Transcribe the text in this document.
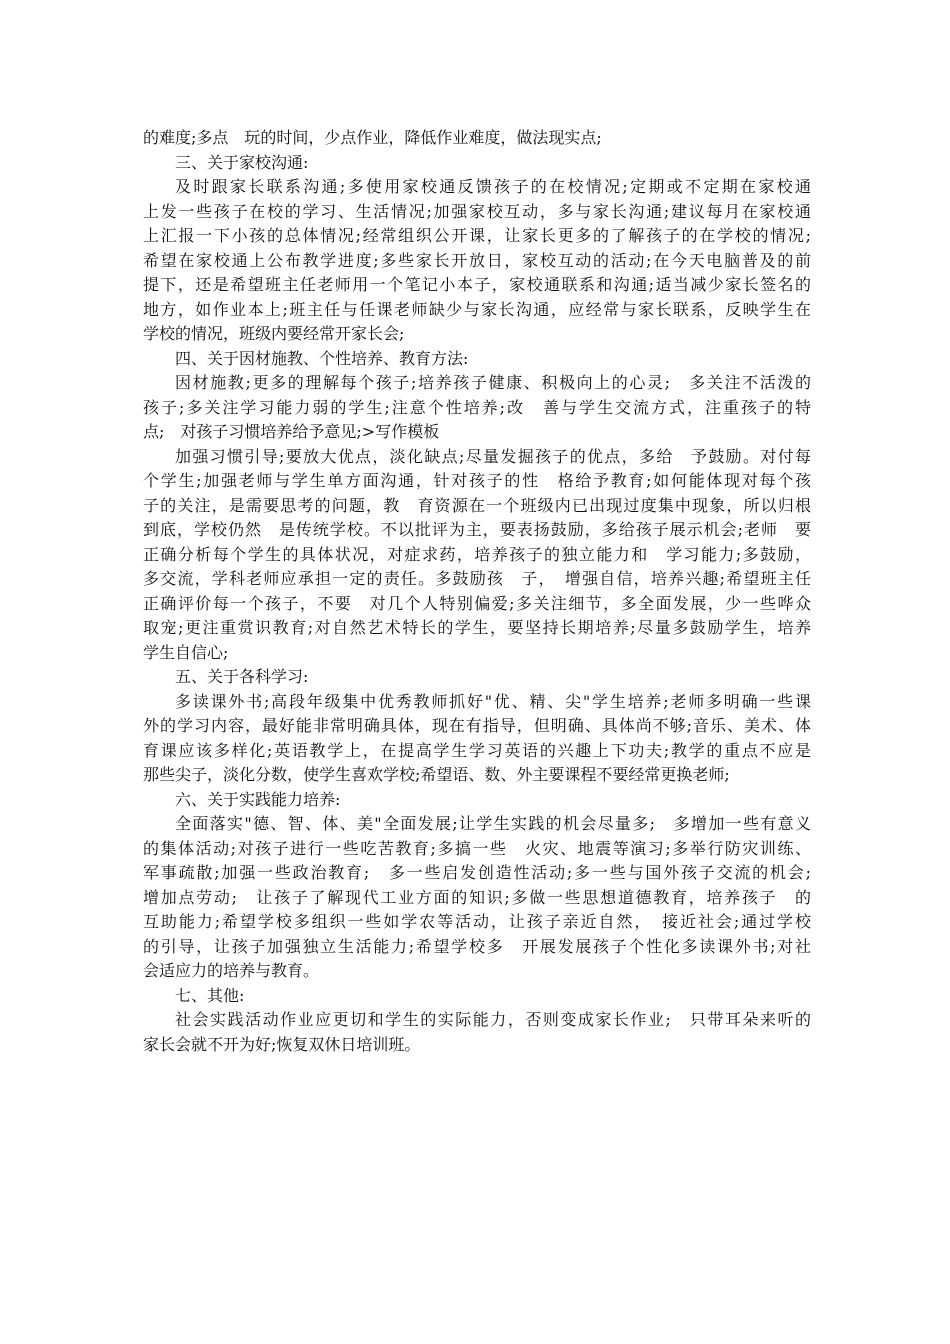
的难度;多点　玩的时间，少点作业，降低作业难度，做法现实点;
三、关于家校沟通:
及时跟家长联系沟通;多使用家校通反馈孩子的在校情况;定期或不定期在家校通
上发一些孩子在校的学习、生活情况;加强家校互动，多与家长沟通;建议每月在家校通
上汇报一下小孩的总体情况;经常组织公开课，让家长更多的了解孩子的在学校的情况;
希望在家校通上公布教学进度;多些家长开放日，家校互动的活动;在今天电脑普及的前
提下，还是希望班主任老师用一个笔记小本子，家校通联系和沟通;适当减少家长签名的
地方，如作业本上;班主任与任课老师缺少与家长沟通，应经常与家长联系，反映学生在
学校的情况，班级内要经常开家长会;
四、关于因材施教、个性培养、教育方法:
因材施教;更多的理解每个孩子;培养孩子健康、积极向上的心灵;　多关注不活泼的
孩子;多关注学习能力弱的学生;注意个性培养;改　善与学生交流方式，注重孩子的特
点;　对孩子习惯培养给予意见;>写作模板
加强习惯引导;要放大优点，淡化缺点;尽量发掘孩子的优点，多给　予鼓励。对付每
个学生;加强老师与学生单方面沟通，针对孩子的性　格给予教育;如何能体现对每个孩
子的关注，是需要思考的问题，教　育资源在一个班级内已出现过度集中现象，所以归根
到底，学校仍然　是传统学校。不以批评为主，要表扬鼓励，多给孩子展示机会;老师　要
正确分析每个学生的具体状况，对症求药，培养孩子的独立能力和　学习能力;多鼓励，
多交流，学科老师应承担一定的责任。多鼓励孩　子，　增强自信，培养兴趣;希望班主任
正确评价每一个孩子，不要　对几个人特别偏爱;多关注细节，多全面发展，少一些哗众
取宠;更注重赏识教育;对自然艺术特长的学生，要坚持长期培养;尽量多鼓励学生，培养
学生自信心;
五、关于各科学习:
多读课外书;高段年级集中优秀教师抓好"优、精、尖"学生培养;老师多明确一些课
外的学习内容，最好能非常明确具体，现在有指导，但明确、具体尚不够;音乐、美术、体
育课应该多样化;英语教学上，在提高学生学习英语的兴趣上下功夫;教学的重点不应是
那些尖子，淡化分数，使学生喜欢学校;希望语、数、外主要课程不要经常更换老师;
六、关于实践能力培养:
全面落实"德、智、体、美"全面发展;让学生实践的机会尽量多;　多增加一些有意义
的集体活动;对孩子进行一些吃苦教育;多搞一些　火灾、地震等演习;多举行防灾训练、
军事疏散;加强一些政治教育;　多一些启发创造性活动;多一些与国外孩子交流的机会;
增加点劳动;　让孩子了解现代工业方面的知识;多做一些思想道德教育，培养孩子　的
互助能力;希望学校多组织一些如学农等活动，让孩子亲近自然，　接近社会;通过学校
的引导，让孩子加强独立生活能力;希望学校多　开展发展孩子个性化多读课外书;对社
会适应力的培养与教育。
七、其他:
社会实践活动作业应更切和学生的实际能力，否则变成家长作业;　只带耳朵来听的
家长会就不开为好;恢复双休日培训班。
